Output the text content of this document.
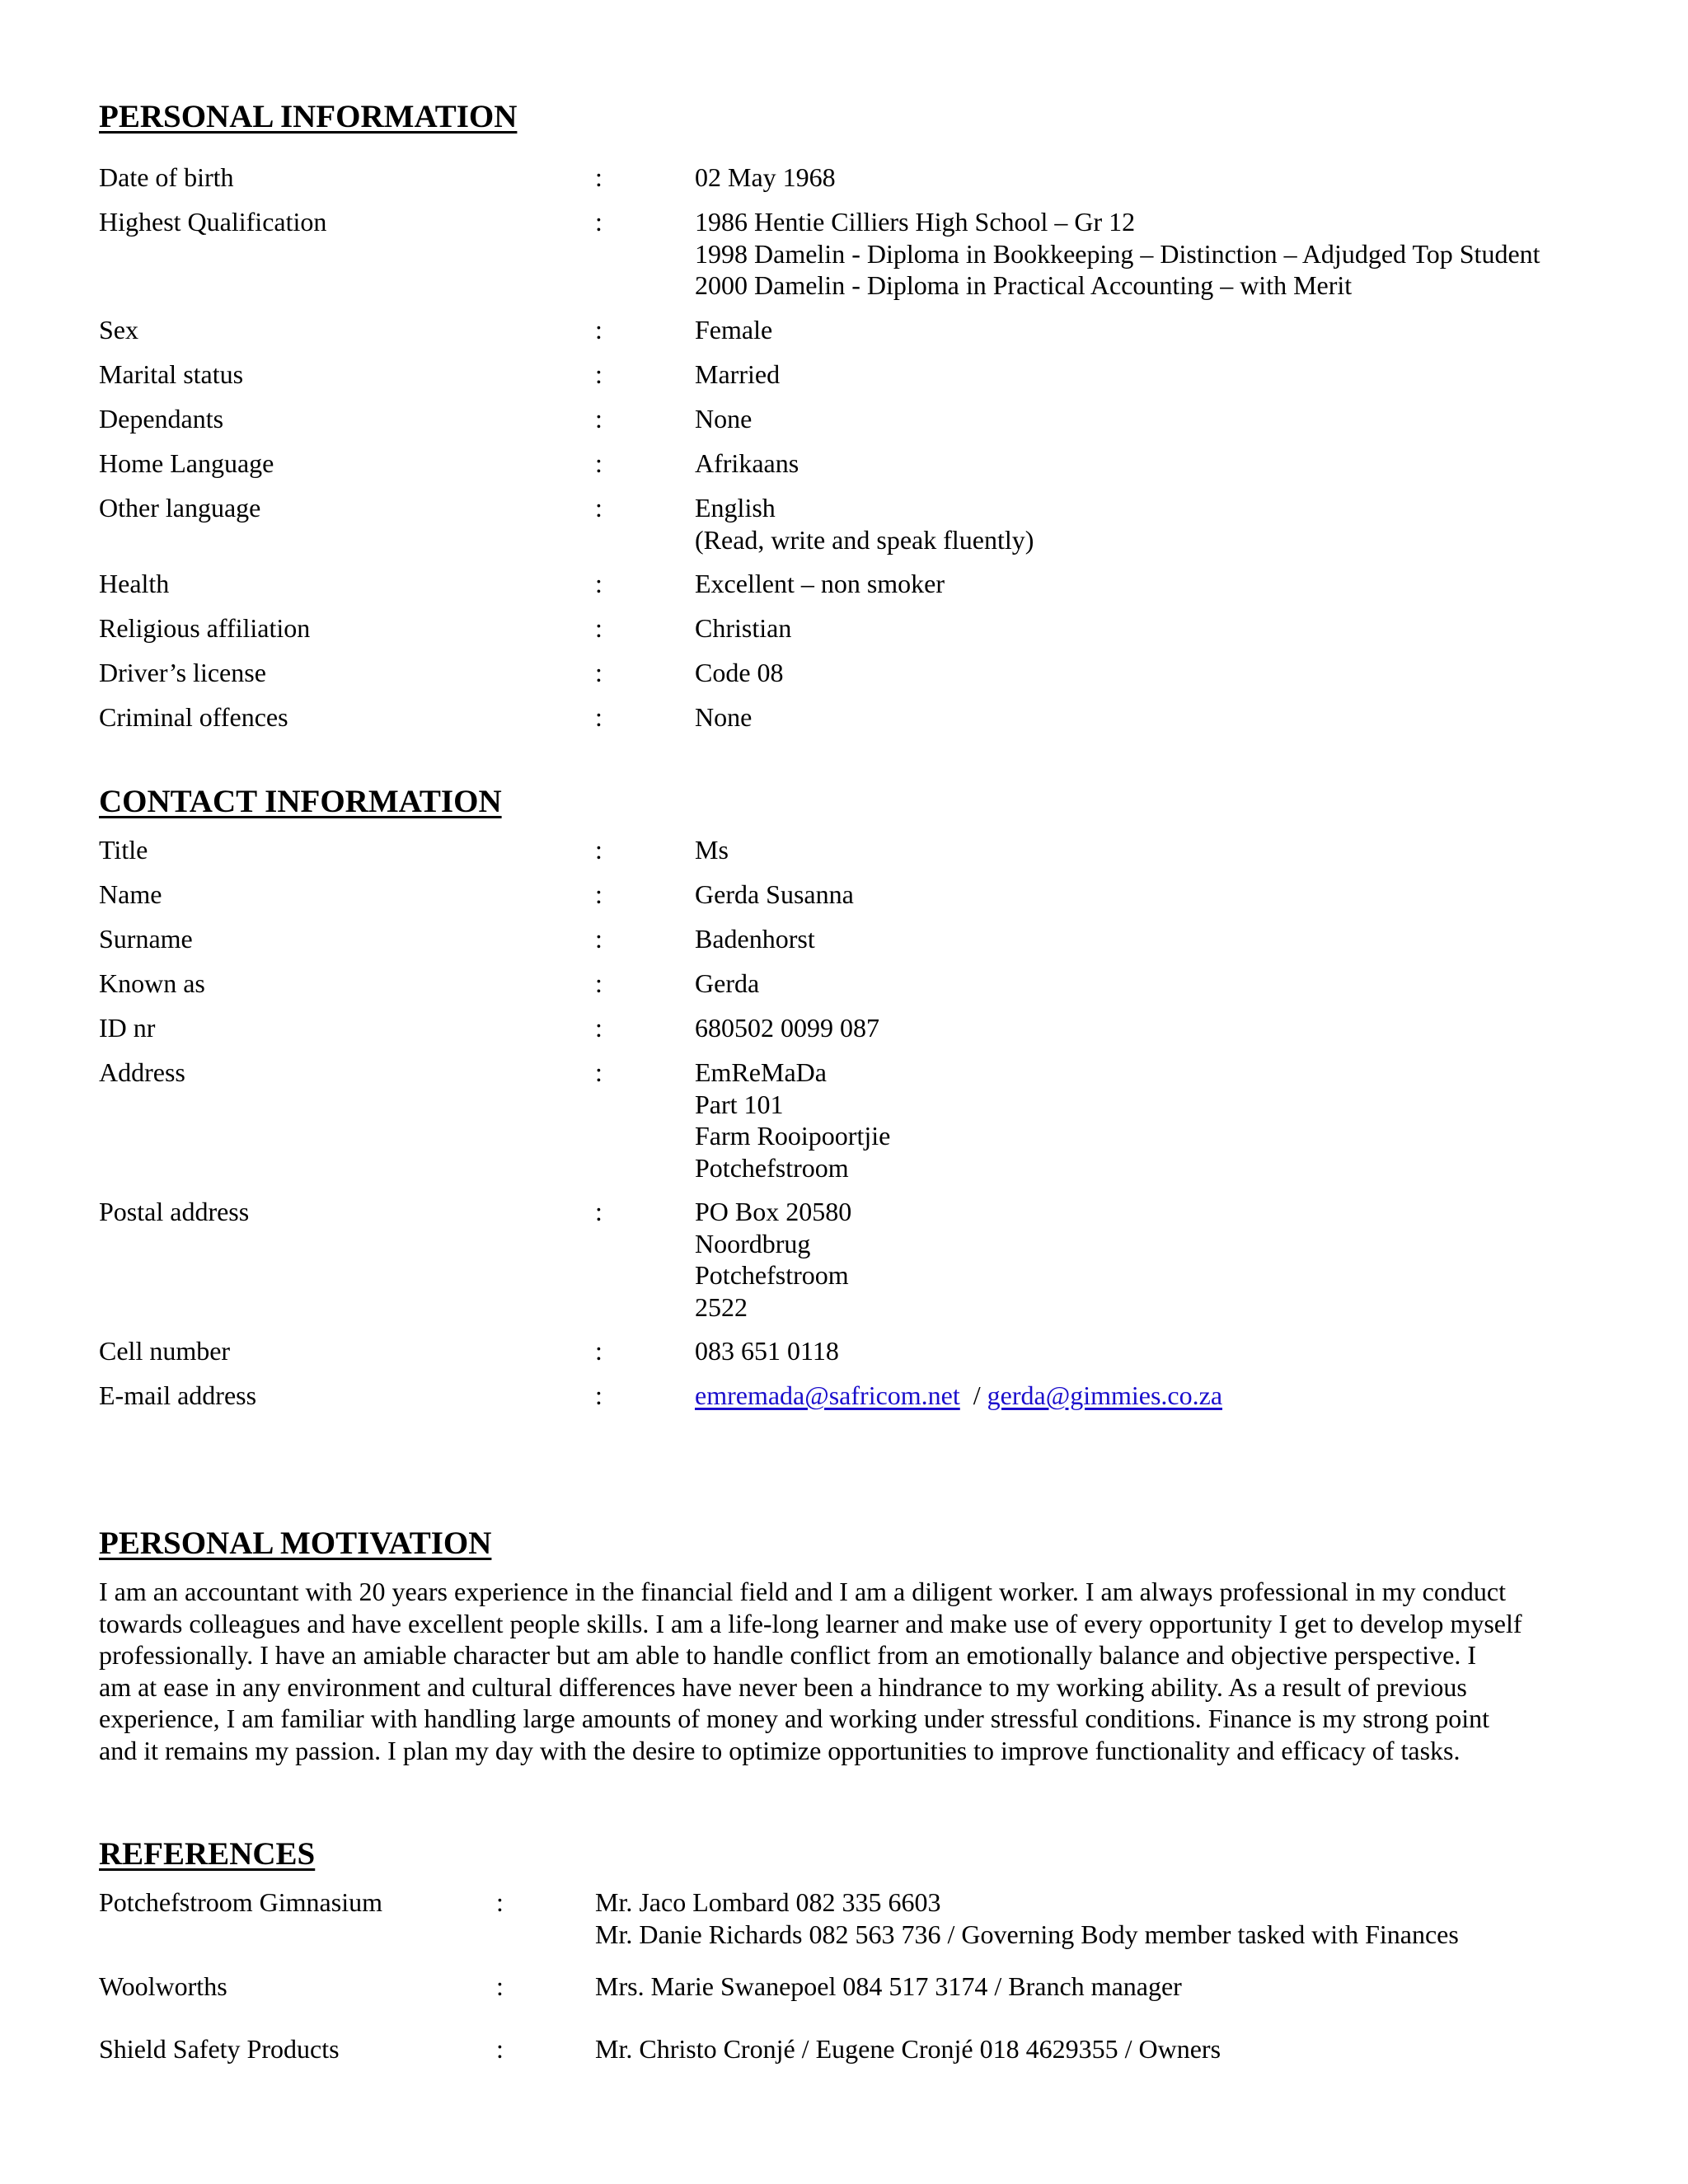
PERSONAL INFORMATION
Date of birth	:	02 May 1968
Highest Qualification	:	1986 Hentie Cilliers High School – Gr 12
1998 Damelin - Diploma in Bookkeeping – Distinction – Adjudged Top Student
2000 Damelin - Diploma in Practical Accounting – with Merit
Sex	:	Female
Marital status	:	Married
Dependants	:	None
Home Language	:	Afrikaans
Other language	:	English
(Read, write and speak fluently)
Health	:	Excellent – non smoker
Religious affiliation	:	Christian
Driver’s license	:	Code 08
Criminal offences	:	None
CONTACT INFORMATION
Title	:	Ms
Name	:	Gerda Susanna
Surname	:	Badenhorst
Known as	:	Gerda
ID nr	:	680502 0099 087
Address	:	EmReMaDa
Part 101
Farm Rooipoortjie
Potchefstroom
Postal address	:	PO Box 20580
Noordbrug
Potchefstroom
2522
Cell number	:	083 651 0118
E-mail address	:	emremada@safricom.net  / gerda@gimmies.co.za
PERSONAL MOTIVATION
I am an accountant with 20 years experience in the financial field and I am a diligent worker. I am always professional in my conduct
towards colleagues and have excellent people skills. I am a life-long learner and make use of every opportunity I get to develop myself
professionally. I have an amiable character but am able to handle conflict from an emotionally balance and objective perspective. I
am at ease in any environment and cultural differences have never been a hindrance to my working ability. As a result of previous
experience, I am familiar with handling large amounts of money and working under stressful conditions. Finance is my strong point
and it remains my passion. I plan my day with the desire to optimize opportunities to improve functionality and efficacy of tasks.
REFERENCES
Potchefstroom Gimnasium	:	Mr. Jaco Lombard 082 335 6603
Mr. Danie Richards 082 563 736 / Governing Body member tasked with Finances
Woolworths	:	Mrs. Marie Swanepoel 084 517 3174 / Branch manager
Shield Safety Products	:	Mr. Christo Cronjé / Eugene Cronjé 018 4629355 / Owners
